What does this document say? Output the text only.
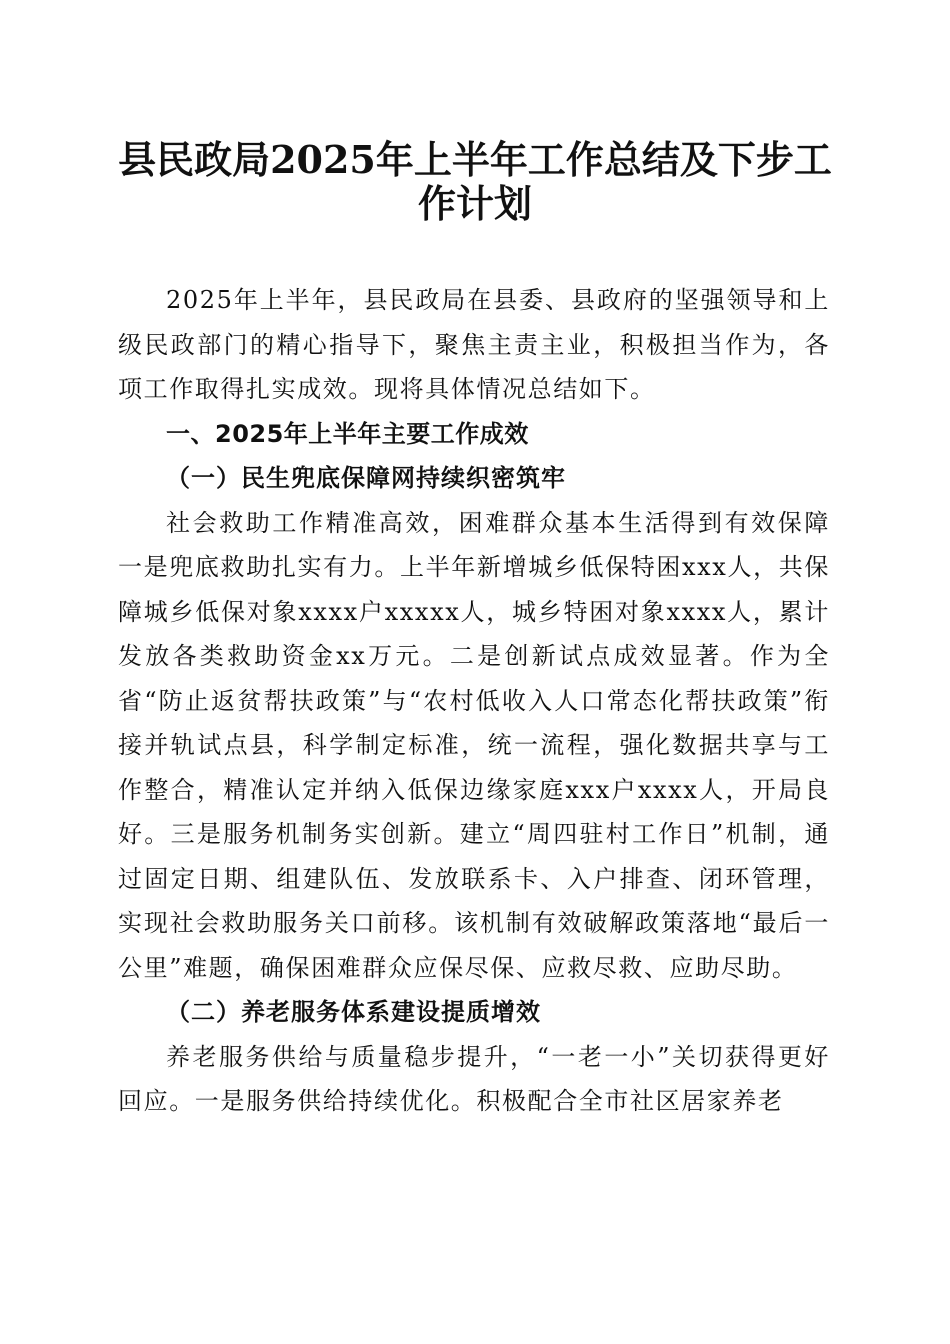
县民政局2025年上半年工作总结及下步工作计划

2025年上半年，县民政局在县委、县政府的坚强领导和上级民政部门的精心指导下，聚焦主责主业，积极担当作为，各项工作取得扎实成效。现将具体情况总结如下。

一、2025年上半年主要工作成效

（一）民生兜底保障网持续织密筑牢

社会救助工作精准高效，困难群众基本生活得到有效保障一是兜底救助扎实有力。上半年新增城乡低保特困xxx人，共保障城乡低保对象xxxx户xxxxx人，城乡特困对象xxxx人，累计发放各类救助资金xx万元。二是创新试点成效显著。作为全省“防止返贫帮扶政策”与“农村低收入人口常态化帮扶政策”衔接并轨试点县，科学制定标准，统一流程，强化数据共享与工作整合，精准认定并纳入低保边缘家庭xxx户xxxx人，开局良好。三是服务机制务实创新。建立“周四驻村工作日”机制，通过固定日期、组建队伍、发放联系卡、入户排查、闭环管理，实现社会救助服务关口前移。该机制有效破解政策落地“最后一公里”难题，确保困难群众应保尽保、应救尽救、应助尽助。

（二）养老服务体系建设提质增效

养老服务供给与质量稳步提升，“一老一小”关切获得更好回应。一是服务供给持续优化。积极配合全市社区居家养老
